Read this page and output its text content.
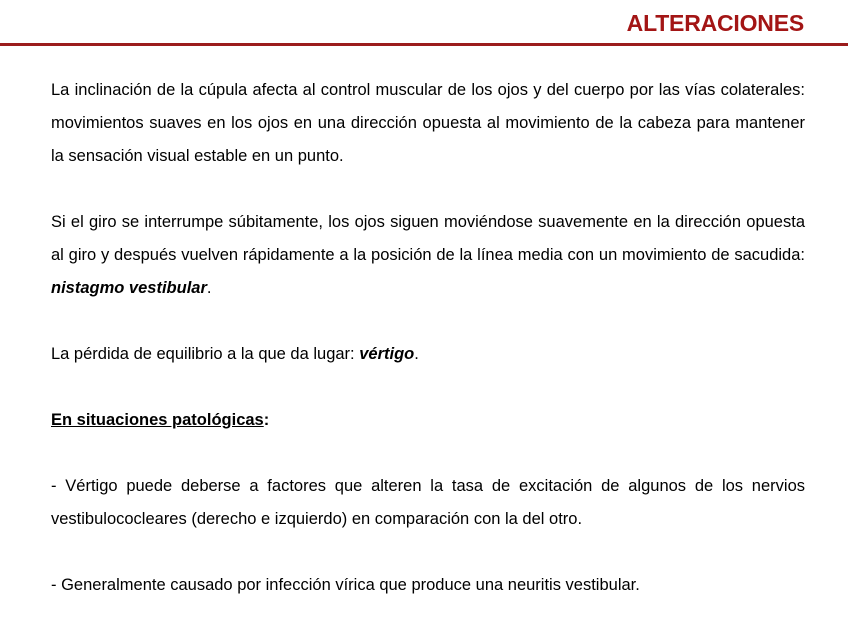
ALTERACIONES

La inclinación de la cúpula afecta al control muscular de los ojos y del cuerpo por las vías colaterales: movimientos suaves en los ojos en una dirección opuesta al movimiento de la cabeza para mantener la sensación visual estable en un punto.

Si el giro se interrumpe súbitamente, los ojos siguen moviéndose suavemente en la dirección opuesta al giro y después vuelven rápidamente a la posición de la línea media con un movimiento de sacudida: nistagmo vestibular.

La pérdida de equilibrio a la que da lugar: vértigo.

En situaciones patológicas:

- Vértigo puede deberse a factores que alteren la tasa de excitación de algunos de los nervios vestibulococleares (derecho e izquierdo) en comparación con la del otro.

- Generalmente causado por infección vírica que produce una neuritis vestibular.
